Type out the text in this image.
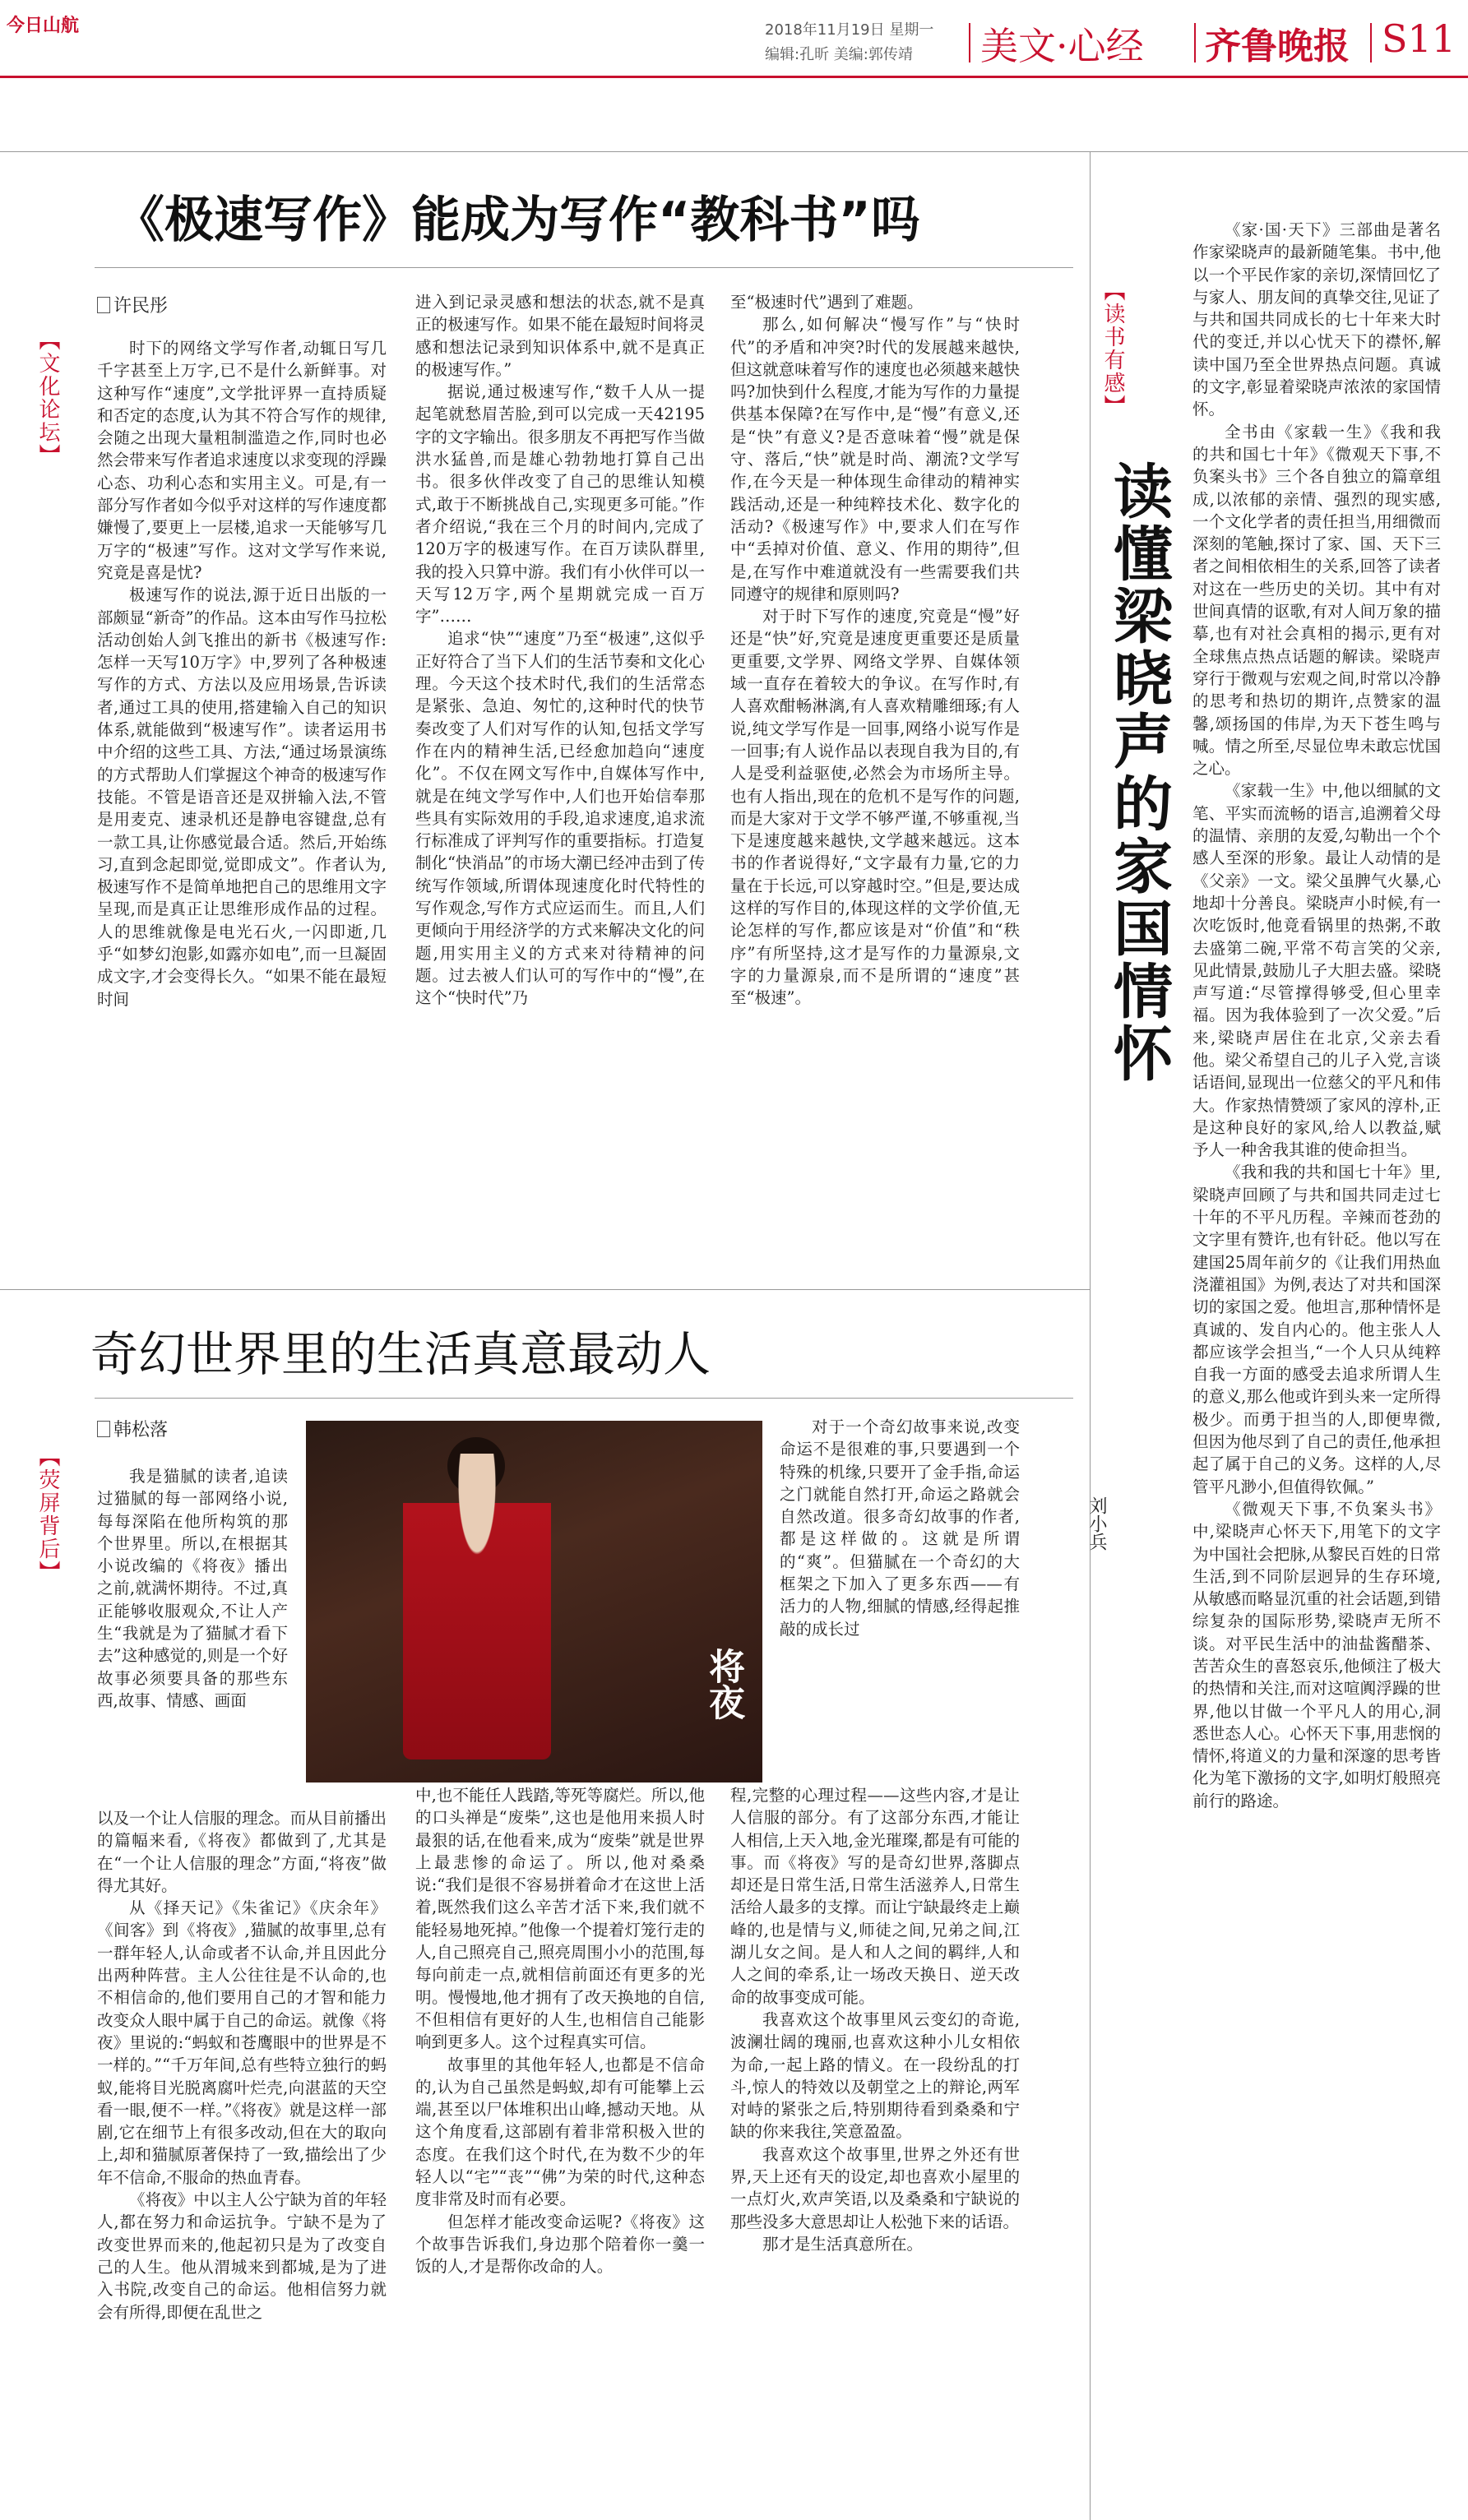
今日山航	2018年11月19日 星期一
编辑:孔昕 美编:郭传靖 美文·心经 齐鲁晚报 S11
《极速写作》能成为写作“教科书”吗
许民彤
【文化论坛】	时下的网络文学写作者,动辄日写几千字甚至上万字,已不是什么新鲜事。对这种写作“速度”,文学批评界一直持质疑和否定的态度,认为其不符合写作的规律,会随之出现大量粗制滥造之作,同时也必然会带来写作者追求速度以求变现的浮躁心态、功利心态和实用主义。可是,有一部分写作者如今似乎对这样的写作速度都嫌慢了,要更上一层楼,追求一天能够写几万字的“极速”写作。这对文学写作来说,究竟是喜是忧?

极速写作的说法,源于近日出版的一部颇显“新奇”的作品。这本由写作马拉松活动创始人剑飞推出的新书《极速写作:怎样一天写10万字》中,罗列了各种极速写作的方式、方法以及应用场景,告诉读者,通过工具的使用,搭建输入自己的知识体系,就能做到“极速写作”。读者运用书中介绍的这些工具、方法,“通过场景演练的方式帮助人们掌握这个神奇的极速写作技能。不管是语音还是双拼输入法,不管是用麦克、速录机还是静电容键盘,总有一款工具,让你感觉最合适。然后,开始练习,直到念起即觉,觉即成文”。作者认为,极速写作不是简单地把自己的思维用文字呈现,而是真正让思维形成作品的过程。人的思维就像是电光石火,一闪即逝,几乎“如梦幻泡影,如露亦如电”,而一旦凝固成文字,才会变得长久。“如果不能在最短时间

进入到记录灵感和想法的状态,就不是真正的极速写作。如果不能在最短时间将灵感和想法记录到知识体系中,就不是真正的极速写作。”

据说,通过极速写作,“数千人从一提起笔就愁眉苦脸,到可以完成一天42195字的文字输出。很多朋友不再把写作当做洪水猛兽,而是雄心勃勃地打算自己出书。很多伙伴改变了自己的思维认知模式,敢于不断挑战自己,实现更多可能。”作者介绍说,“我在三个月的时间内,完成了120万字的极速写作。在百万读队群里,我的投入只算中游。我们有小伙伴可以一天写12万字,两个星期就完成一百万字”……

追求“快”“速度”乃至“极速”,这似乎正好符合了当下人们的生活节奏和文化心理。今天这个技术时代,我们的生活常态是紧张、急迫、匆忙的,这种时代的快节奏改变了人们对写作的认知,包括文学写作在内的精神生活,已经愈加趋向“速度化”。不仅在网文写作中,自媒体写作中,就是在纯文学写作中,人们也开始信奉那些具有实际效用的手段,追求速度,追求流行标准成了评判写作的重要指标。打造复制化“快消品”的市场大潮已经冲击到了传统写作领域,所谓体现速度化时代特性的写作观念,写作方式应运而生。而且,人们更倾向于用经济学的方式来解决文化的问题,用实用主义的方式来对待精神的问题。过去被人们认可的写作中的“慢”,在这个“快时代”乃

至“极速时代”遇到了难题。

那么,如何解决“慢写作”与“快时代”的矛盾和冲突?时代的发展越来越快,但这就意味着写作的速度也必须越来越快吗?加快到什么程度,才能为写作的力量提供基本保障?在写作中,是“慢”有意义,还是“快”有意义?是否意味着“慢”就是保守、落后,“快”就是时尚、潮流?文学写作,在今天是一种体现生命律动的精神实践活动,还是一种纯粹技术化、数字化的活动?《极速写作》中,要求人们在写作中“丢掉对价值、意义、作用的期待”,但是,在写作中难道就没有一些需要我们共同遵守的规律和原则吗?

对于时下写作的速度,究竟是“慢”好还是“快”好,究竟是速度更重要还是质量更重要,文学界、网络文学界、自媒体领域一直存在着较大的争议。在写作时,有人喜欢酣畅淋漓,有人喜欢精雕细琢;有人说,纯文学写作是一回事,网络小说写作是一回事;有人说作品以表现自我为目的,有人是受利益驱使,必然会为市场所主导。也有人指出,现在的危机不是写作的问题,而是大家对于文学不够严谨,不够重视,当下是速度越来越快,文学越来越远。这本书的作者说得好,“文字最有力量,它的力量在于长远,可以穿越时空。”但是,要达成这样的写作目的,体现这样的文学价值,无论怎样的写作,都应该是对“价值”和“秩序”有所坚持,这才是写作的力量源泉,文字的力量源泉,而不是所谓的“速度”甚至“极速”。

奇幻世界里的生活真意最动人
韩松落
【荧屏背后】
将夜

我是猫腻的读者,追读过猫腻的每一部网络小说,每每深陷在他所构筑的那个世界里。所以,在根据其小说改编的《将夜》播出之前,就满怀期待。不过,真正能够收服观众,不让人产生“我就是为了猫腻才看下去”这种感觉的,则是一个好故事必须要具备的那些东西,故事、情感、画面

以及一个让人信服的理念。而从目前播出的篇幅来看,《将夜》都做到了,尤其是在“一个让人信服的理念”方面,“将夜”做得尤其好。

从《择天记》《朱雀记》《庆余年》《间客》到《将夜》,猫腻的故事里,总有一群年轻人,认命或者不认命,并且因此分出两种阵营。主人公往往是不认命的,也不相信命的,他们要用自己的才智和能力改变众人眼中属于自己的命运。就像《将夜》里说的:“蚂蚁和苍鹰眼中的世界是不一样的。”“千万年间,总有些特立独行的蚂蚁,能将目光脱离腐叶烂壳,向湛蓝的天空看一眼,便不一样。”《将夜》就是这样一部剧,它在细节上有很多改动,但在大的取向上,却和猫腻原著保持了一致,描绘出了少年不信命,不服命的热血青春。

《将夜》中以主人公宁缺为首的年轻人,都在努力和命运抗争。宁缺不是为了改变世界而来的,他起初只是为了改变自己的人生。他从渭城来到都城,是为了进入书院,改变自己的命运。他相信努力就会有所得,即便在乱世之

中,也不能任人践踏,等死等腐烂。所以,他的口头禅是“废柴”,这也是他用来损人时最狠的话,在他看来,成为“废柴”就是世界上最悲惨的命运了。所以,他对桑桑说:“我们是很不容易拼着命才在这世上活着,既然我们这么辛苦才活下来,我们就不能轻易地死掉。”他像一个提着灯笼行走的人,自己照亮自己,照亮周围小小的范围,每每向前走一点,就相信前面还有更多的光明。慢慢地,他才拥有了改天换地的自信,不但相信有更好的人生,也相信自己能影响到更多人。这个过程真实可信。

故事里的其他年轻人,也都是不信命的,认为自己虽然是蚂蚁,却有可能攀上云端,甚至以尸体堆积出山峰,撼动天地。从这个角度看,这部剧有着非常积极入世的态度。在我们这个时代,在为数不少的年轻人以“宅”“丧”“佛”为荣的时代,这种态度非常及时而有必要。

但怎样才能改变命运呢?《将夜》这个故事告诉我们,身边那个陪着你一羹一饭的人,才是帮你改命的人。

对于一个奇幻故事来说,改变命运不是很难的事,只要遇到一个特殊的机缘,只要开了金手指,命运之门就能自然打开,命运之路就会自然改道。很多奇幻故事的作者,都是这样做的。这就是所谓的“爽”。但猫腻在一个奇幻的大框架之下加入了更多东西——有活力的人物,细腻的情感,经得起推敲的成长过

程,完整的心理过程——这些内容,才是让人信服的部分。有了这部分东西,才能让人相信,上天入地,金光璀璨,都是有可能的事。而《将夜》写的是奇幻世界,落脚点却还是日常生活,日常生活滋养人,日常生活给人最多的支撑。而让宁缺最终走上巅峰的,也是情与义,师徒之间,兄弟之间,江湖儿女之间。是人和人之间的羁绊,人和人之间的牵系,让一场改天换日、逆天改命的故事变成可能。

我喜欢这个故事里风云变幻的奇诡,波澜壮阔的瑰丽,也喜欢这种小儿女相依为命,一起上路的情义。在一段纷乱的打斗,惊人的特效以及朝堂之上的辩论,两军对峙的紧张之后,特别期待看到桑桑和宁缺的你来我往,笑意盈盈。

我喜欢这个故事里,世界之外还有世界,天上还有天的设定,却也喜欢小屋里的一点灯火,欢声笑语,以及桑桑和宁缺说的那些没多大意思却让人松弛下来的话语。

那才是生活真意所在。

【读书有感】
读懂梁晓声的家国情怀
刘小兵

《家·国·天下》三部曲是著名作家梁晓声的最新随笔集。书中,他以一个平民作家的亲切,深情回忆了与家人、朋友间的真挚交往,见证了与共和国共同成长的七十年来大时代的变迁,并以心忧天下的襟怀,解读中国乃至全世界热点问题。真诚的文字,彰显着梁晓声浓浓的家国情怀。

全书由《家载一生》《我和我的共和国七十年》《微观天下事,不负案头书》三个各自独立的篇章组成,以浓郁的亲情、强烈的现实感,一个文化学者的责任担当,用细微而深刻的笔触,探讨了家、国、天下三者之间相依相生的关系,回答了读者对这在一些历史的关切。其中有对世间真情的讴歌,有对人间万象的描摹,也有对社会真相的揭示,更有对全球焦点热点话题的解读。梁晓声穿行于微观与宏观之间,时常以冷静的思考和热切的期许,点赞家的温馨,颂扬国的伟岸,为天下苍生鸣与喊。情之所至,尽显位卑未敢忘忧国之心。

《家载一生》中,他以细腻的文笔、平实而流畅的语言,追溯着父母的温情、亲朋的友爱,勾勒出一个个感人至深的形象。最让人动情的是《父亲》一文。梁父虽脾气火暴,心地却十分善良。梁晓声小时候,有一次吃饭时,他竟看锅里的热粥,不敢去盛第二碗,平常不苟言笑的父亲,见此情景,鼓励儿子大胆去盛。梁晓声写道:“尽管撑得够受,但心里幸福。因为我体验到了一次父爱。”后来,梁晓声居住在北京,父亲去看他。梁父希望自己的儿子入党,言谈话语间,显现出一位慈父的平凡和伟大。作家热情赞颂了家风的淳朴,正是这种良好的家风,给人以教益,赋予人一种舍我其谁的使命担当。

《我和我的共和国七十年》里,梁晓声回顾了与共和国共同走过七十年的不平凡历程。辛辣而苍劲的文字里有赞许,也有针砭。他以写在建国25周年前夕的《让我们用热血浇灌祖国》为例,表达了对共和国深切的家国之爱。他坦言,那种情怀是真诚的、发自内心的。他主张人人都应该学会担当,“一个人只从纯粹自我一方面的感受去追求所谓人生的意义,那么他或许到头来一定所得极少。而勇于担当的人,即便卑微,但因为他尽到了自己的责任,他承担起了属于自己的义务。这样的人,尽管平凡渺小,但值得钦佩。”

《微观天下事,不负案头书》中,梁晓声心怀天下,用笔下的文字为中国社会把脉,从黎民百姓的日常生活,到不同阶层迥异的生存环境,从敏感而略显沉重的社会话题,到错综复杂的国际形势,梁晓声无所不谈。对平民生活中的油盐酱醋茶、苦苦众生的喜怒哀乐,他倾注了极大的热情和关注,而对这喧阗浮躁的世界,他以甘做一个平凡人的用心,洞悉世态人心。心怀天下事,用悲悯的情怀,将道义的力量和深邃的思考皆化为笔下激扬的文字,如明灯般照亮前行的路途。
